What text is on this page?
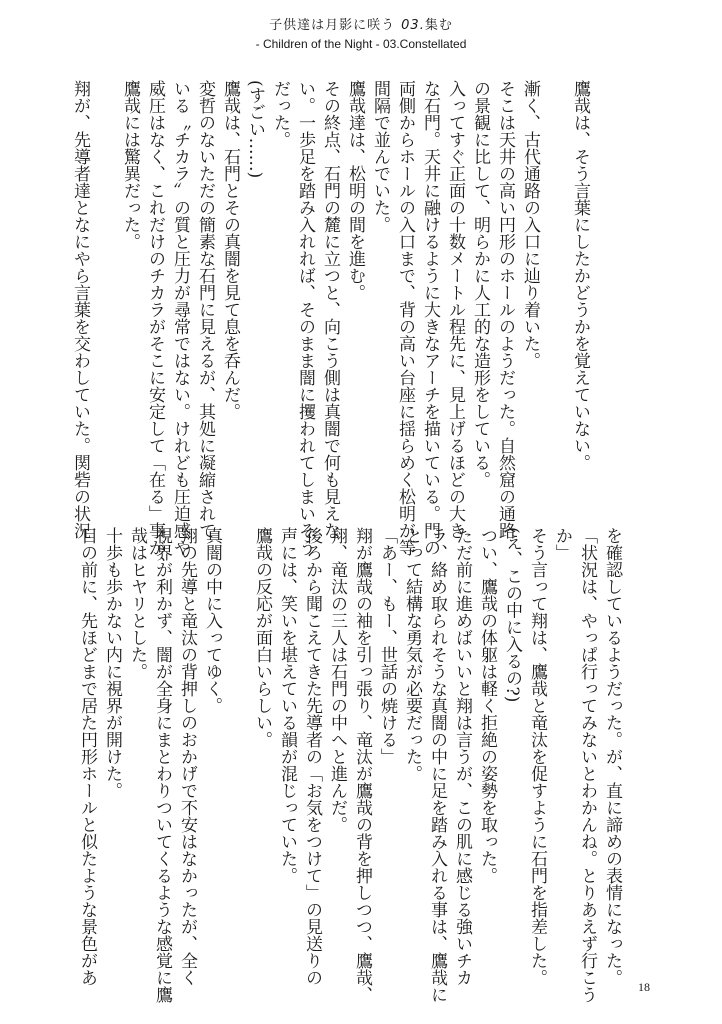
子供達は月影に咲う 03.集む
- Children of the Night - 03.Constellated

鷹哉は、そう言葉にしたかどうかを覚えていない。

漸く、古代通路の入口に辿り着いた。

そこは天井の高い円形のホールのようだった。自然窟の通路

の景観に比して、明らかに人工的な造形をしている。

入ってすぐ正面の十数メートル程先に、見上げるほどの大き

な石門。天井に融けるように大きなアーチを描いている。門の

両側からホールの入口まで、背の高い台座に揺らめく松明が等

間隔で並んでいた。

鷹哉達は、松明の間を進む。

その終点、石門の麓に立つと、向こう側は真闇で何も見えな

い。一歩足を踏み入れれば、そのまま闇に攫われてしまいそう

だった。

(すごい……)

鷹哉は、石門とその真闇を見て息を呑んだ。

変哲のないただの簡素な石門に見えるが、其処に凝縮されて

いる〝チカラ〟の質と圧力が尋常ではない。けれども圧迫感や

威圧はなく、これだけのチカラがそこに安定して「在る」事が、

鷹哉には驚異だった。

翔が、先導者達となにやら言葉を交わしていた。関砦の状況

を確認しているようだった。が、直に諦めの表情になった。

「状況は、やっぱ行ってみないとわかんね。とりあえず行こう

か」

そう言って翔は、鷹哉と竜汰を促すように石門を指差した。

(え、この中に入るの?)

つい、鷹哉の体躯は軽く拒絶の姿勢を取った。

ただ前に進めばいいと翔は言うが、この肌に感じる強いチカ

ラ、絡め取られそうな真闇の中に足を踏み入れる事は、鷹哉に

とって結構な勇気が必要だった。

「あー、もー、世話の焼ける」

翔が鷹哉の袖を引っ張り、竜汰が鷹哉の背を押しつつ、鷹哉、

翔、竜汰の三人は石門の中へと進んだ。

後ろから聞こえてきた先導者の「お気をつけて」の見送りの

声には、笑いを堪えている韻が混じっていた。

鷹哉の反応が面白いらしい。

真闇の中に入ってゆく。

翔の先導と竜汰の背押しのおかげで不安はなかったが、全く

視界が利かず、闇が全身にまとわりついてくるような感覚に鷹

哉はヒヤリとした。

十歩も歩かない内に視界が開けた。

目の前に、先ほどまで居た円形ホールと似たような景色があ

18
